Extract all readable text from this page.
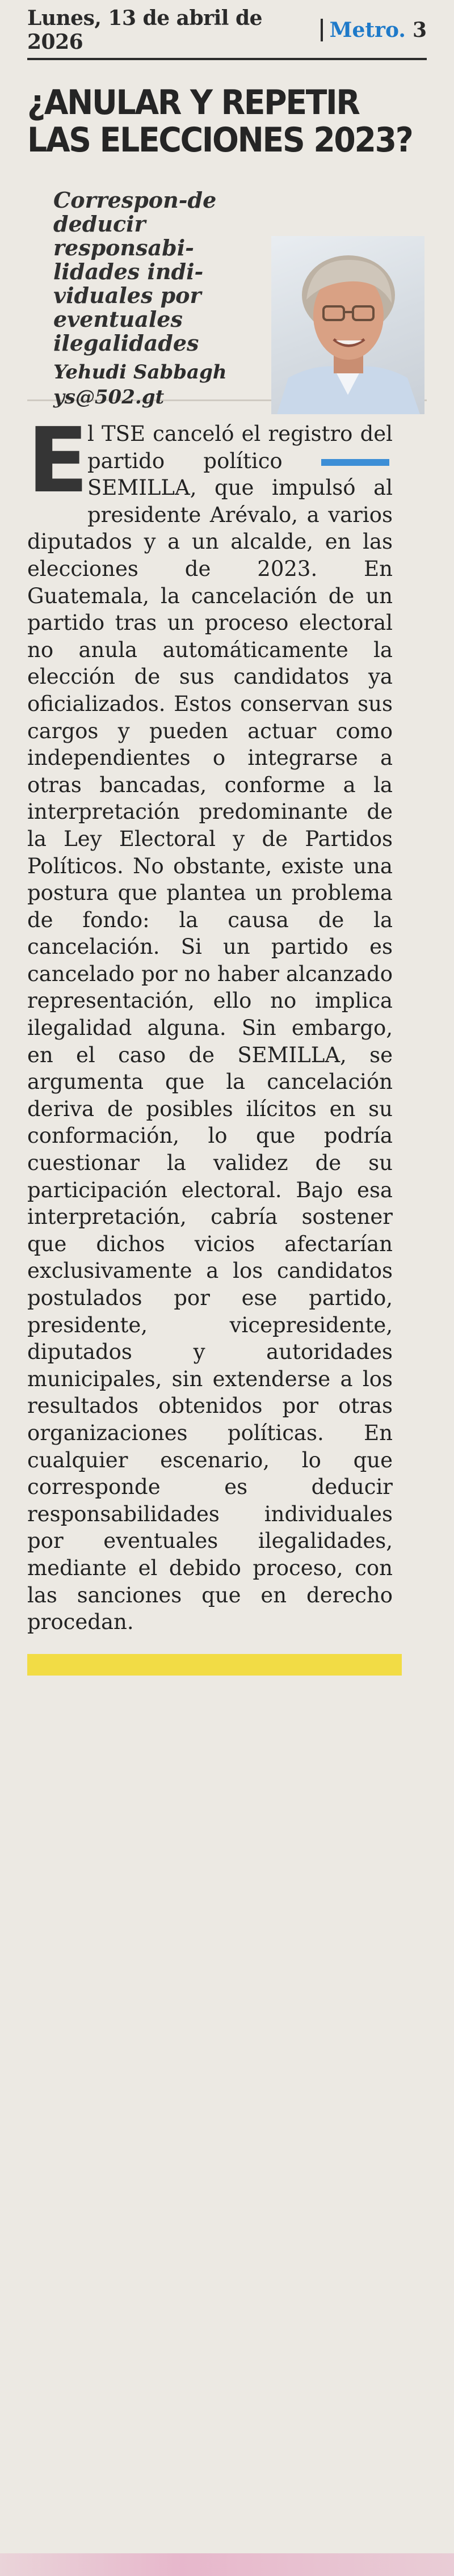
Lunes, 13 de abril de 2026	Metro. 3
¿ANULAR Y REPETIR LAS ELECCIONES 2023?

Correspon-de deducir responsabi-lidades indi-viduales por eventuales ilegalidades

Yehudi Sabbagh
ys@502.gt
E

l TSE canceló el registro del partido político SEMILLA, que impulsó al presidente Arévalo, a varios diputados y a un alcalde, en las elecciones de 2023. En Guatemala, la cancelación de un partido tras un proceso electoral no anula automáticamente la elección de sus candidatos ya oficializados. Estos conservan sus cargos y pueden actuar como independientes o integrarse a otras bancadas, conforme a la interpretación predominante de la Ley Electoral y de Partidos Políticos. No obstante, existe una postura que plantea un problema de fondo: la causa de la cancelación. Si un partido es cancelado por no haber alcanzado representación, ello no implica ilegalidad alguna. Sin embargo, en el caso de SEMILLA, se argumenta que la cancelación deriva de posibles ilícitos en su conformación, lo que podría cuestionar la validez de su participación electoral. Bajo esa interpretación, cabría sostener que dichos vicios afectarían exclusivamente a los candidatos postulados por ese partido, presidente, vicepresidente, diputados y autoridades municipales, sin extenderse a los resultados obtenidos por otras organizaciones políticas. En cualquier escenario, lo que corresponde es deducir responsabilidades individuales por eventuales ilegalidades, mediante el debido proceso, con las sanciones que en derecho procedan.
